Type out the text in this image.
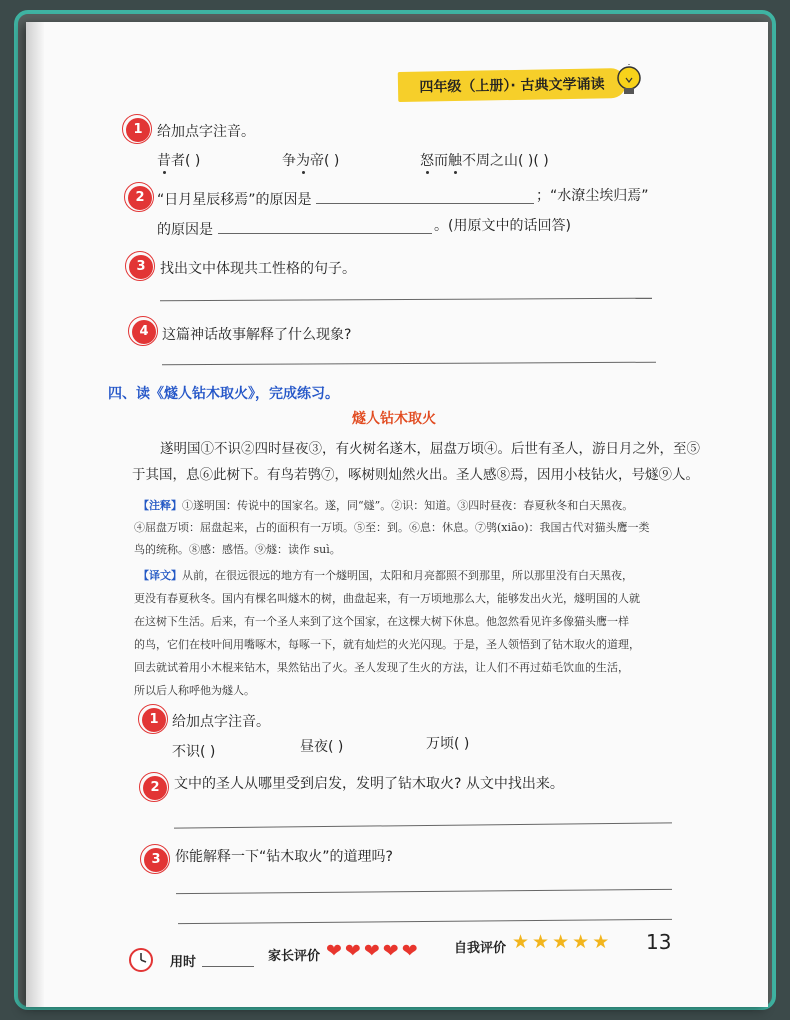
四年级（上册）· 古典文学诵读
1	给加点字注音。
昔者( )	争为帝( )	怒而触不周之山( )( )
2 “日月星辰移焉”的原因是	；“水潦尘埃归焉”
的原因是	。(用原文中的话回答)
3	找出文中体现共工性格的句子。
4 这篇神话故事解释了什么现象?
四、读《燧人钻木取火》，完成练习。
燧人钻木取火
遂明国①不识②四时昼夜③，有火树名遂木，屈盘万顷④。后世有圣人，游日月之外，至⑤
于其国，息⑥此树下。有鸟若鸮⑦，啄树则灿然火出。圣人感⑧焉，因用小枝钻火，号燧⑨人。
【注释】①遂明国：传说中的国家名。遂，同“燧”。②识：知道。③四时昼夜：春夏秋冬和白天黑夜。
④屈盘万顷：屈盘起来，占的面积有一万顷。⑤至：到。⑥息：休息。⑦鸮(xiāo)：我国古代对猫头鹰一类
鸟的统称。⑧感：感悟。⑨燧：读作 suì。
【译文】从前，在很远很远的地方有一个燧明国，太阳和月亮都照不到那里，所以那里没有白天黑夜，
更没有春夏秋冬。国内有棵名叫燧木的树，曲盘起来，有一万顷地那么大，能够发出火光，燧明国的人就
在这树下生活。后来，有一个圣人来到了这个国家，在这棵大树下休息。他忽然看见许多像猫头鹰一样
的鸟，它们在枝叶间用嘴啄木，每啄一下，就有灿烂的火光闪现。于是，圣人领悟到了钻木取火的道理，
回去就试着用小木棍来钻木，果然钻出了火。圣人发现了生火的方法，让人们不再过茹毛饮血的生活，
所以后人称呼他为燧人。
1 给加点字注音。
不识( )	昼夜( )	万顷( )
2	文中的圣人从哪里受到启发，发明了钻木取火? 从文中找出来。
3	你能解释一下“钻木取火”的道理吗?
用时	家长评价 ❤ ❤ ❤ ❤ ❤	自我评价 ★ ★ ★ ★ ★ 13
